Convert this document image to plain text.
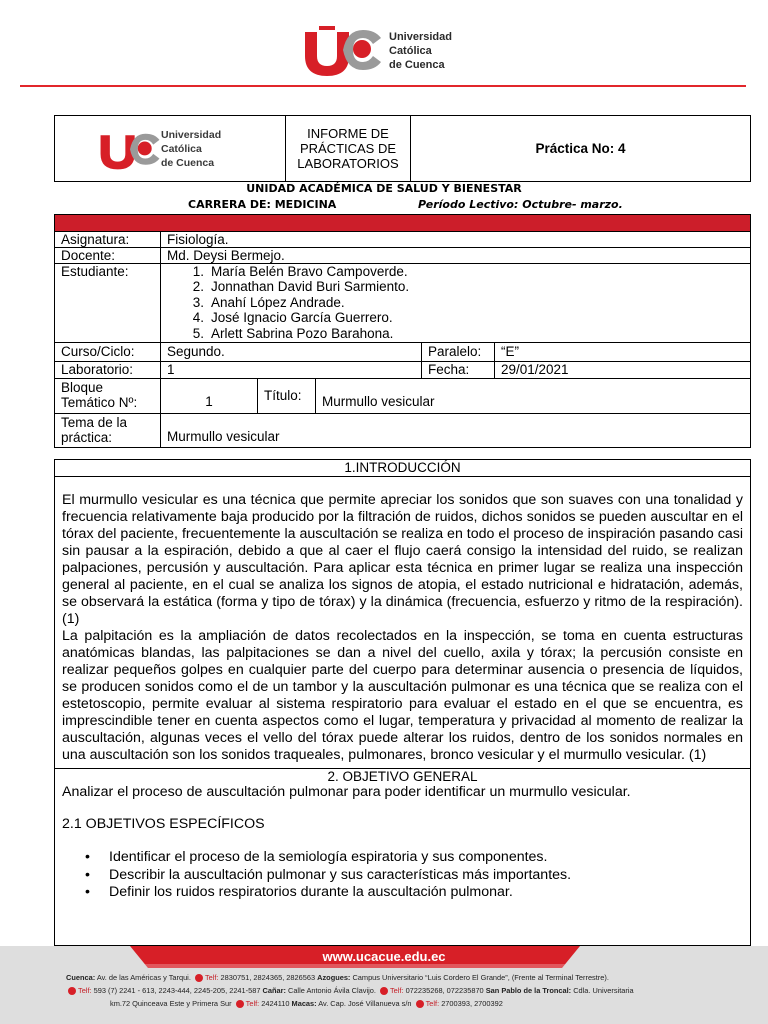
Universidad
Católica
de Cuenca
Universidad
Católica
de Cuenca
INFORME DE
PRÁCTICAS DE
LABORATORIOS
Práctica No: 4
UNIDAD ACADÉMICA DE SALUD Y BIENESTAR
CARRERA DE: MEDICINA	Período Lectivo: Octubre- marzo.
Asignatura:	Fisiología.
Docente:	Md. Deysi Bermejo.
Estudiante:	1. María Belén Bravo Campoverde.
2. Jonnathan David Buri Sarmiento.
3. Anahí López Andrade.
4. José Ignacio García Guerrero.
5. Arlett Sabrina Pozo Barahona.
Curso/Ciclo:	Segundo.	Paralelo:	“E”
Laboratorio:	1	Fecha:	29/01/2021
Bloque
Temático Nº:	1	Título:	Murmullo vesicular
Tema de la
práctica:	Murmullo vesicular
1.INTRODUCCIÓN

El murmullo vesicular es una técnica que permite apreciar los sonidos que son suaves con una tonalidad y frecuencia relativamente baja producido por la filtración de ruidos, dichos sonidos se pueden auscultar en el tórax del paciente, frecuentemente la auscultación se realiza en todo el proceso de inspiración pasando casi sin pausar a la espiración, debido a que al caer el flujo caerá consigo la intensidad del ruido, se realizan palpaciones, percusión y auscultación. Para aplicar esta técnica en primer lugar se realiza una inspección general al paciente, en el cual se analiza los signos de atopia, el estado nutricional e hidratación, además, se observará la estática (forma y tipo de tórax) y la dinámica (frecuencia, esfuerzo y ritmo de la respiración). (1)

La palpitación es la ampliación de datos recolectados en la inspección, se toma en cuenta estructuras anatómicas blandas, las palpitaciones se dan a nivel del cuello, axila y tórax; la percusión consiste en realizar pequeños golpes en cualquier parte del cuerpo para determinar ausencia o presencia de líquidos, se producen sonidos como el de un tambor y la auscultación pulmonar es una técnica que se realiza con el estetoscopio, permite evaluar al sistema respiratorio para evaluar el estado en el que se encuentra, es imprescindible tener en cuenta aspectos como el lugar, temperatura y privacidad al momento de realizar la auscultación, algunas veces el vello del tórax puede alterar los ruidos, dentro de los sonidos normales en una auscultación son los sonidos traqueales, pulmonares, bronco vesicular y el murmullo vesicular. (1)

2. OBJETIVO GENERAL

Analizar el proceso de auscultación pulmonar para poder identificar un murmullo vesicular.

2.1 OBJETIVOS ESPECÍFICOS

• Identificar el proceso de la semiología espiratoria y sus componentes.
• Describir la auscultación pulmonar y sus características más importantes.
• Definir los ruidos respiratorios durante la auscultación pulmonar.
www.ucacue.edu.ec
Cuenca: Av. de las Américas y Tarqui. Telf: 2830751, 2824365, 2826563 Azogues: Campus Universitario “Luis Cordero El Grande”, (Frente al Terminal Terrestre).
Telf: 593 (7) 2241 - 613, 2243-444, 2245-205, 2241-587 Cañar: Calle Antonio Ávila Clavijo. Telf: 072235268, 072235870 San Pablo de la Troncal: Cdla. Universitaria
km.72 Quinceava Este y Primera Sur Telf: 2424110 Macas: Av. Cap. José Villanueva s/n Telf: 2700393, 2700392
